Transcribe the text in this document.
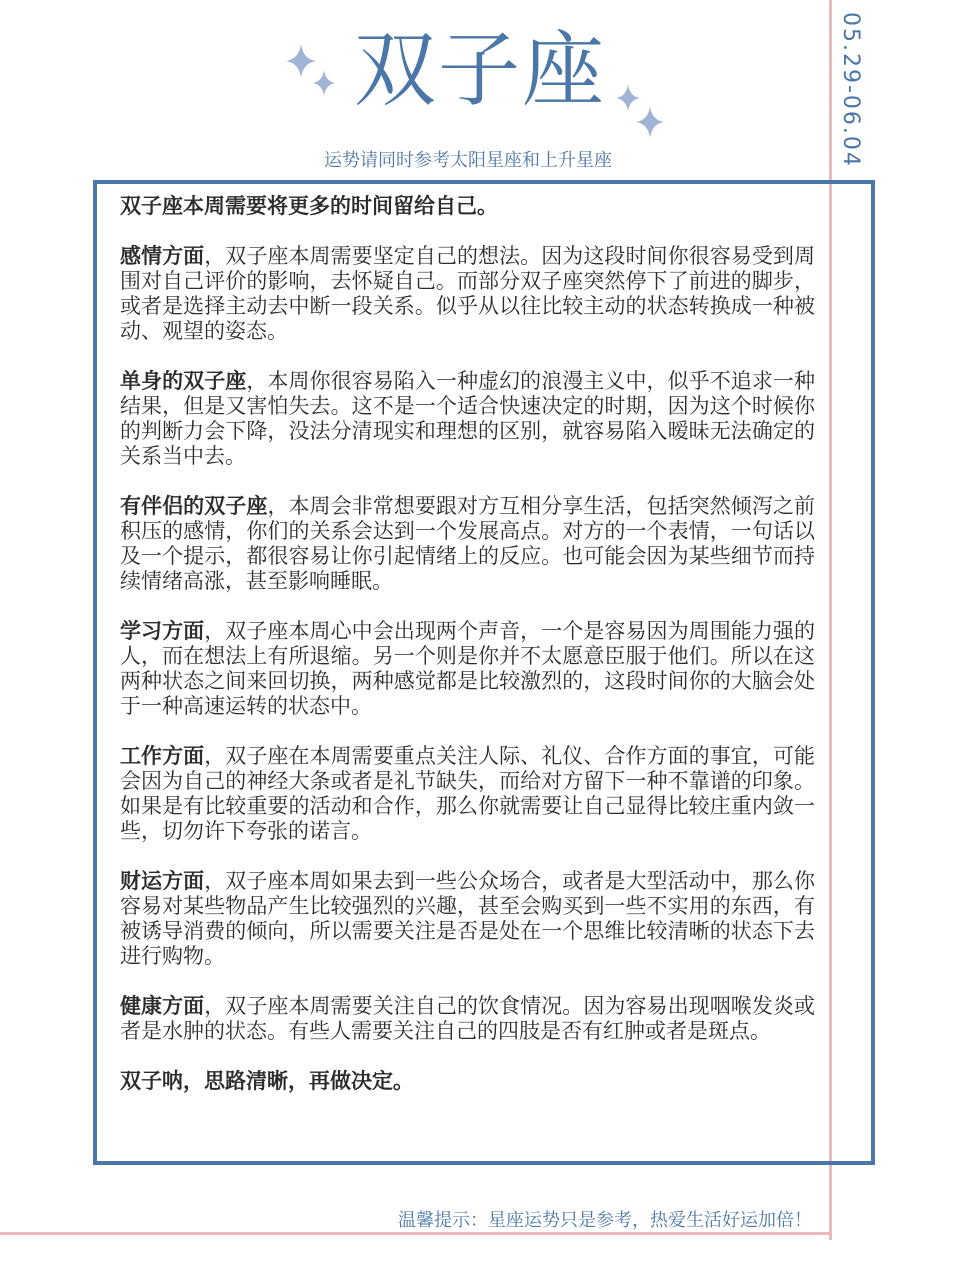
05.29-06.04
双子座
运势请同时参考太阳星座和上升星座

双子座本周需要将更多的时间留给自己。

感情方面，双子座本周需要坚定自己的想法。因为这段时间你很容易受到周围对自己评价的影响，去怀疑自己。而部分双子座突然停下了前进的脚步，或者是选择主动去中断一段关系。似乎从以往比较主动的状态转换成一种被动、观望的姿态。

单身的双子座，本周你很容易陷入一种虚幻的浪漫主义中，似乎不追求一种结果，但是又害怕失去。这不是一个适合快速决定的时期，因为这个时候你的判断力会下降，没法分清现实和理想的区别，就容易陷入暧昧无法确定的关系当中去。

有伴侣的双子座，本周会非常想要跟对方互相分享生活，包括突然倾泻之前积压的感情，你们的关系会达到一个发展高点。对方的一个表情，一句话以及一个提示，都很容易让你引起情绪上的反应。也可能会因为某些细节而持续情绪高涨，甚至影响睡眠。

学习方面，双子座本周心中会出现两个声音，一个是容易因为周围能力强的人，而在想法上有所退缩。另一个则是你并不太愿意臣服于他们。所以在这两种状态之间来回切换，两种感觉都是比较激烈的，这段时间你的大脑会处于一种高速运转的状态中。

工作方面，双子座在本周需要重点关注人际、礼仪、合作方面的事宜，可能会因为自己的神经大条或者是礼节缺失，而给对方留下一种不靠谱的印象。如果是有比较重要的活动和合作，那么你就需要让自己显得比较庄重内敛一些，切勿许下夸张的诺言。

财运方面，双子座本周如果去到一些公众场合，或者是大型活动中，那么你容易对某些物品产生比较强烈的兴趣，甚至会购买到一些不实用的东西，有被诱导消费的倾向，所以需要关注是否是处在一个思维比较清晰的状态下去进行购物。

健康方面，双子座本周需要关注自己的饮食情况。因为容易出现咽喉发炎或者是水肿的状态。有些人需要关注自己的四肢是否有红肿或者是斑点。

双子呐，思路清晰，再做决定。

温馨提示：星座运势只是参考，热爱生活好运加倍！
